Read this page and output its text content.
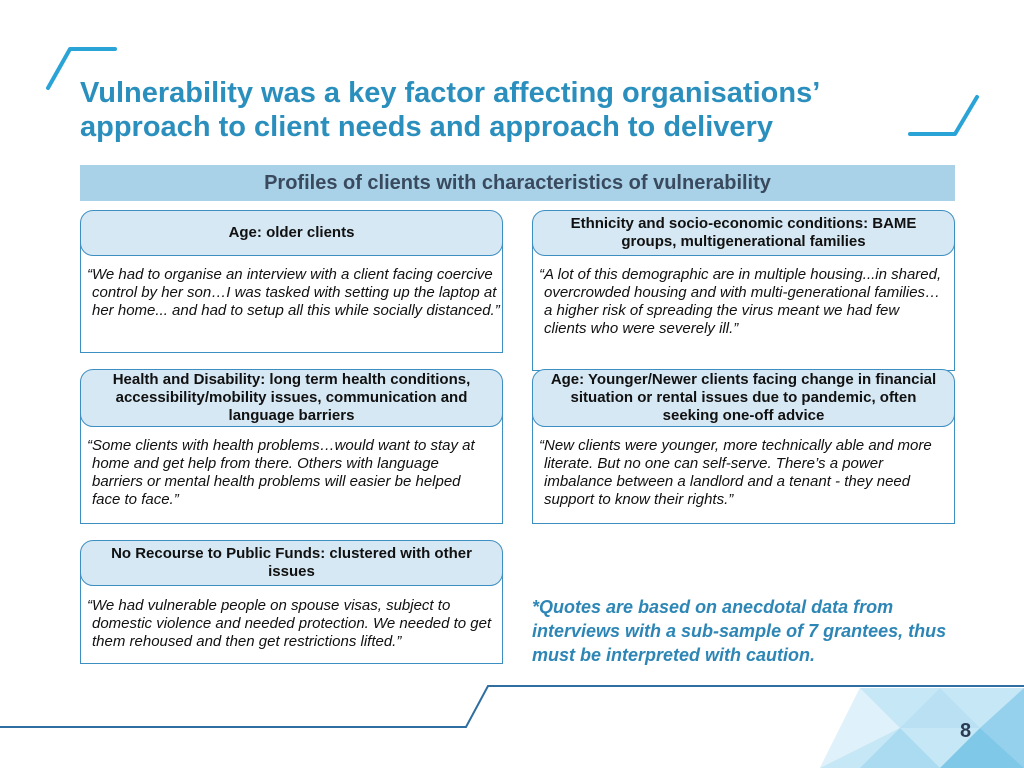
Vulnerability was a key factor affecting organisations’ approach to client needs and approach to delivery
Profiles of clients with characteristics of vulnerability
Age: older clients
“We had to organise an interview with a client facing coercive control by her son…I was tasked with setting up the laptop at her home... and had to setup all this while socially distanced.”
Ethnicity and socio-economic conditions: BAME groups, multigenerational families
“A lot of this demographic are in multiple housing...in shared, overcrowded housing and with multi-generational families…a higher risk of spreading the virus meant we had few clients who were severely ill.”
Health and Disability: long term health conditions, accessibility/mobility issues, communication and language barriers
“Some clients with health problems…would want to stay at home and get help from there. Others with language barriers or mental health problems will easier be helped face to face.”
Age: Younger/Newer clients facing change in financial situation or rental issues due to pandemic, often seeking one-off advice
“New clients were younger, more technically able and more literate. But no one can self-serve. There’s a power imbalance between a landlord and a tenant - they need support to know their rights.”
No Recourse to Public Funds: clustered with other issues
“We had vulnerable people on spouse visas, subject to domestic violence and needed protection. We needed to get them rehoused and then get restrictions lifted.”
*Quotes are based on anecdotal data from interviews with a sub-sample of 7 grantees, thus must be interpreted with caution.
8
